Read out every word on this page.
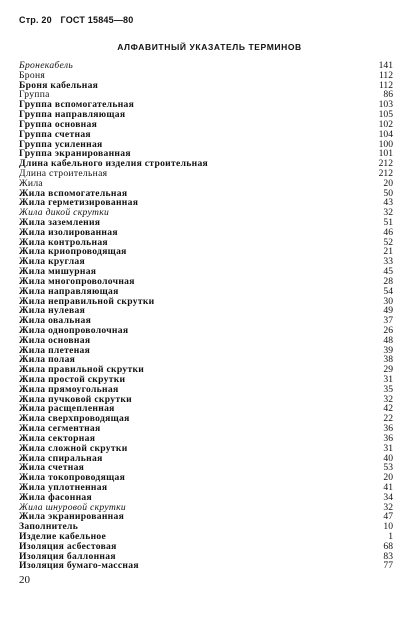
Стр. 20 ГОСТ 15845—80
АЛФАВИТНЫЙ УКАЗАТЕЛЬ ТЕРМИНОВ
Бронекабель	141
Броня	112
Броня кабельная	112
Группа	86
Группа вспомогательная	103
Группа направляющая	105
Группа основная	102
Группа счетная	104
Группа усиленная	100
Группа экранированная	101
Длина кабельного изделия строительная	212
Длина строительная	212
Жила	20
Жила вспомогательная	50
Жила герметизированная	43
Жила дикой скрутки	32
Жила заземления	51
Жила изолированная	46
Жила контрольная	52
Жила криопроводящая	21
Жила круглая	33
Жила мишурная	45
Жила многопроволочная	28
Жила направляющая	54
Жила неправильной скрутки	30
Жила нулевая	49
Жила овальная	37
Жила однопроволочная	26
Жила основная	48
Жила плетеная	39
Жила полая	38
Жила правильной скрутки	29
Жила простой скрутки	31
Жила прямоугольная	35
Жила пучковой скрутки	32
Жила расщепленная	42
Жила сверхпроводящая	22
Жила сегментная	36
Жила секторная	36
Жила сложной скрутки	31
Жила спиральная	40
Жила счетная	53
Жила токопроводящая	20
Жила уплотненная	41
Жила фасонная	34
Жила шнуровой скрутки	32
Жила экранированная	47
Заполнитель	10
Изделие кабельное	1
Изоляция асбестовая	68
Изоляция баллонная	83
Изоляция бумаго-массная	77
20
